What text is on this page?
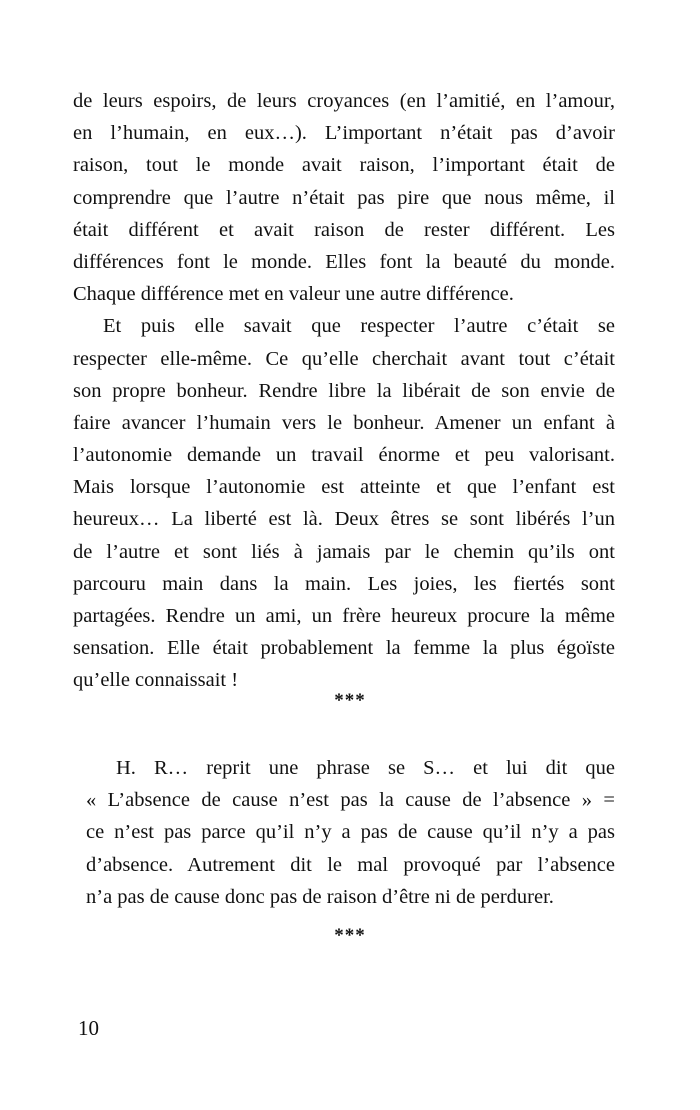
de leurs espoirs, de leurs croyances (en l’amitié, en l’amour,
en l’humain, en eux…). L’important n’était pas d’avoir
raison, tout le monde avait raison, l’important était de
comprendre que l’autre n’était pas pire que nous même, il
était différent et avait raison de rester différent. Les
différences font le monde. Elles font la beauté du monde.
Chaque différence met en valeur une autre différence.
Et puis elle savait que respecter l’autre c’était se
respecter elle-même. Ce qu’elle cherchait avant tout c’était
son propre bonheur. Rendre libre la libérait de son envie de
faire avancer l’humain vers le bonheur. Amener un enfant à
l’autonomie demande un travail énorme et peu valorisant.
Mais lorsque l’autonomie est atteinte et que l’enfant est
heureux… La liberté est là. Deux êtres se sont libérés l’un
de l’autre et sont liés à jamais par le chemin qu’ils ont
parcouru main dans la main. Les joies, les fiertés sont
partagées. Rendre un ami, un frère heureux procure la même
sensation. Elle était probablement la femme la plus égoïste
qu’elle connaissait !
***
H. R… reprit une phrase se S… et lui dit que
« L’absence de cause n’est pas la cause de l’absence » =
ce n’est pas parce qu’il n’y a pas de cause qu’il n’y a pas
d’absence. Autrement dit le mal provoqué par l’absence
n’a pas de cause donc pas de raison d’être ni de perdurer.
***
10
